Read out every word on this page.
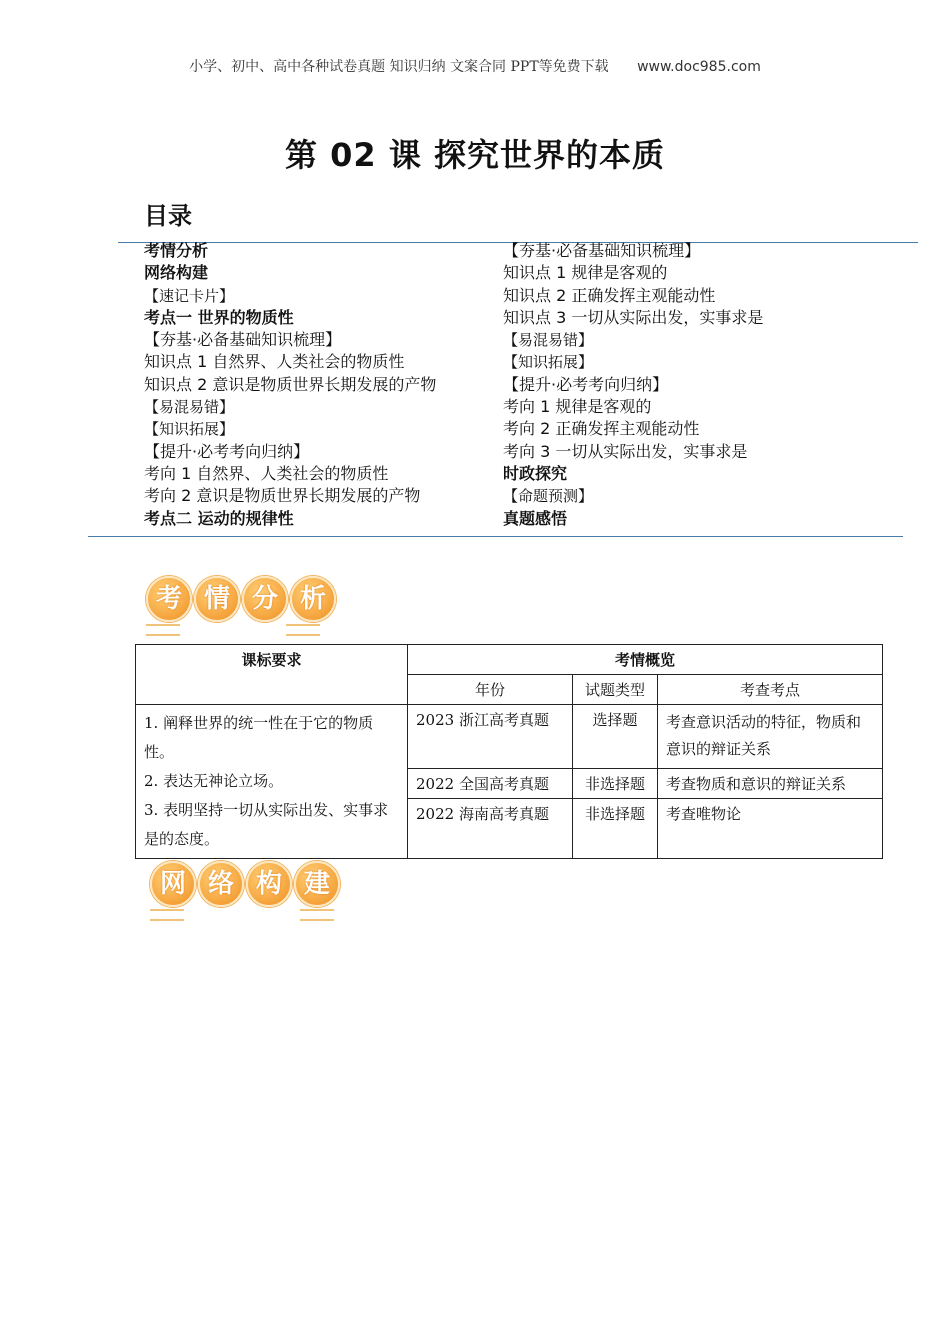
小学、初中、高中各种试卷真题 知识归纳 文案合同 PPT等免费下载 www.doc985.com
第 02 课 探究世界的本质
目录
考情分析
网络构建
【速记卡片】
考点一 世界的物质性
【夯基·必备基础知识梳理】
知识点 1 自然界、人类社会的物质性
知识点 2 意识是物质世界长期发展的产物
【易混易错】
【知识拓展】
【提升·必考考向归纳】
考向 1 自然界、人类社会的物质性
考向 2 意识是物质世界长期发展的产物
考点二 运动的规律性
【夯基·必备基础知识梳理】
知识点 1 规律是客观的
知识点 2 正确发挥主观能动性
知识点 3 一切从实际出发，实事求是
【易混易错】
【知识拓展】
【提升·必考考向归纳】
考向 1 规律是客观的
考向 2 正确发挥主观能动性
考向 3 一切从实际出发，实事求是
时政探究
【命题预测】
真题感悟
考 情 分 析
课标要求	考情概览		
	年份	试题类型	考查考点

1. 阐释世界的统一性在于它的物质性。
2. 表达无神论立场。
3. 表明坚持一切从实际出发、实事求是的态度。	2023 浙江高考真题	选择题	考查意识活动的特征，物质和意识的辩证关系
	2022 全国高考真题	非选择题	考查物质和意识的辩证关系
	2022 海南高考真题	非选择题	考查唯物论
网 络 构 建
